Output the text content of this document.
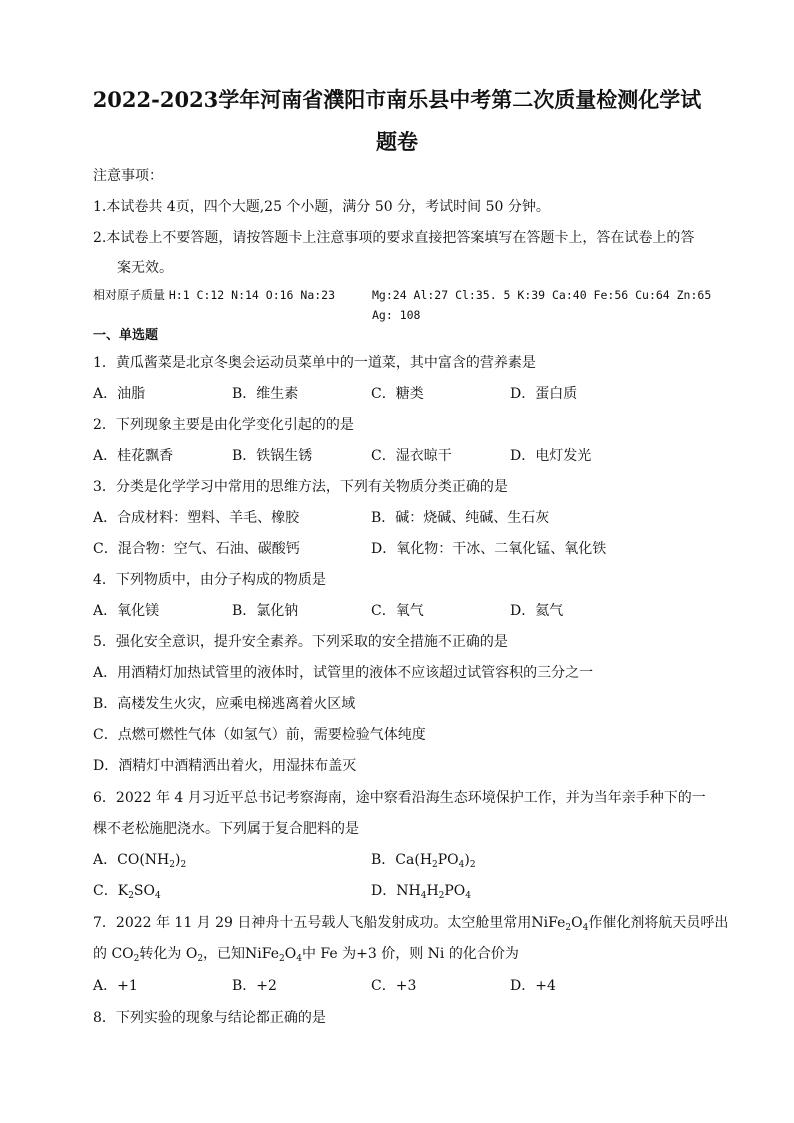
2022-2023学年河南省濮阳市南乐县中考第二次质量检测化学试
题卷
注意事项：
1.本试卷共 4页，四个大题,25 个小题，满分 50 分，考试时间 50 分钟。
2.本试卷上不要答题，请按答题卡上注意事项的要求直接把答案填写在答题卡上，答在试卷上的答
案无效。
相对原子质量 H:1 C:12 N:14 O:16 Na:23	Mg:24 Al:27 Cl:35. 5 K:39 Ca:40 Fe:56 Cu:64 Zn:65
Ag: 108
一、单选题
1．黄瓜酱菜是北京冬奥会运动员菜单中的一道菜，其中富含的营养素是
A．油脂	B．维生素	C．糖类	D．蛋白质
2．下列现象主要是由化学变化引起的的是
A．桂花飘香	B．铁锅生锈	C．湿衣晾干	D．电灯发光
3．分类是化学学习中常用的思维方法，下列有关物质分类正确的是
A．合成材料：塑料、羊毛、橡胶	B．碱：烧碱、纯碱、生石灰
C．混合物：空气、石油、碳酸钙	D．氧化物：干冰、二氧化锰、氧化铁
4．下列物质中，由分子构成的物质是
A．氧化镁	B．氯化钠	C．氧气	D．氦气
5．强化安全意识，提升安全素养。下列采取的安全措施不正确的是
A．用酒精灯加热试管里的液体时，试管里的液体不应该超过试管容积的三分之一
B．高楼发生火灾，应乘电梯逃离着火区域
C．点燃可燃性气体（如氢气）前，需要检验气体纯度
D．酒精灯中酒精洒出着火，用湿抹布盖灭
6．2022 年 4 月习近平总书记考察海南，途中察看沿海生态环境保护工作，并为当年亲手种下的一
棵不老松施肥浇水。下列属于复合肥料的是
A．$CO(NH_2)_2$	B．$Ca(H_2PO_4)_2$
C．$K_2SO_4$	D．$NH_4H_2PO_4$
7．2022 年 11 月 29 日神舟十五号载人飞船发射成功。太空舱里常用$NiFe_2O_4$作催化剂将航天员呼出
的 $CO_2$转化为 $O_2$，已知$NiFe_2O_4$中 Fe 为+3 价，则 Ni 的化合价为
A．+1	B．+2	C．+3	D．+4
8．下列实验的现象与结论都正确的是
